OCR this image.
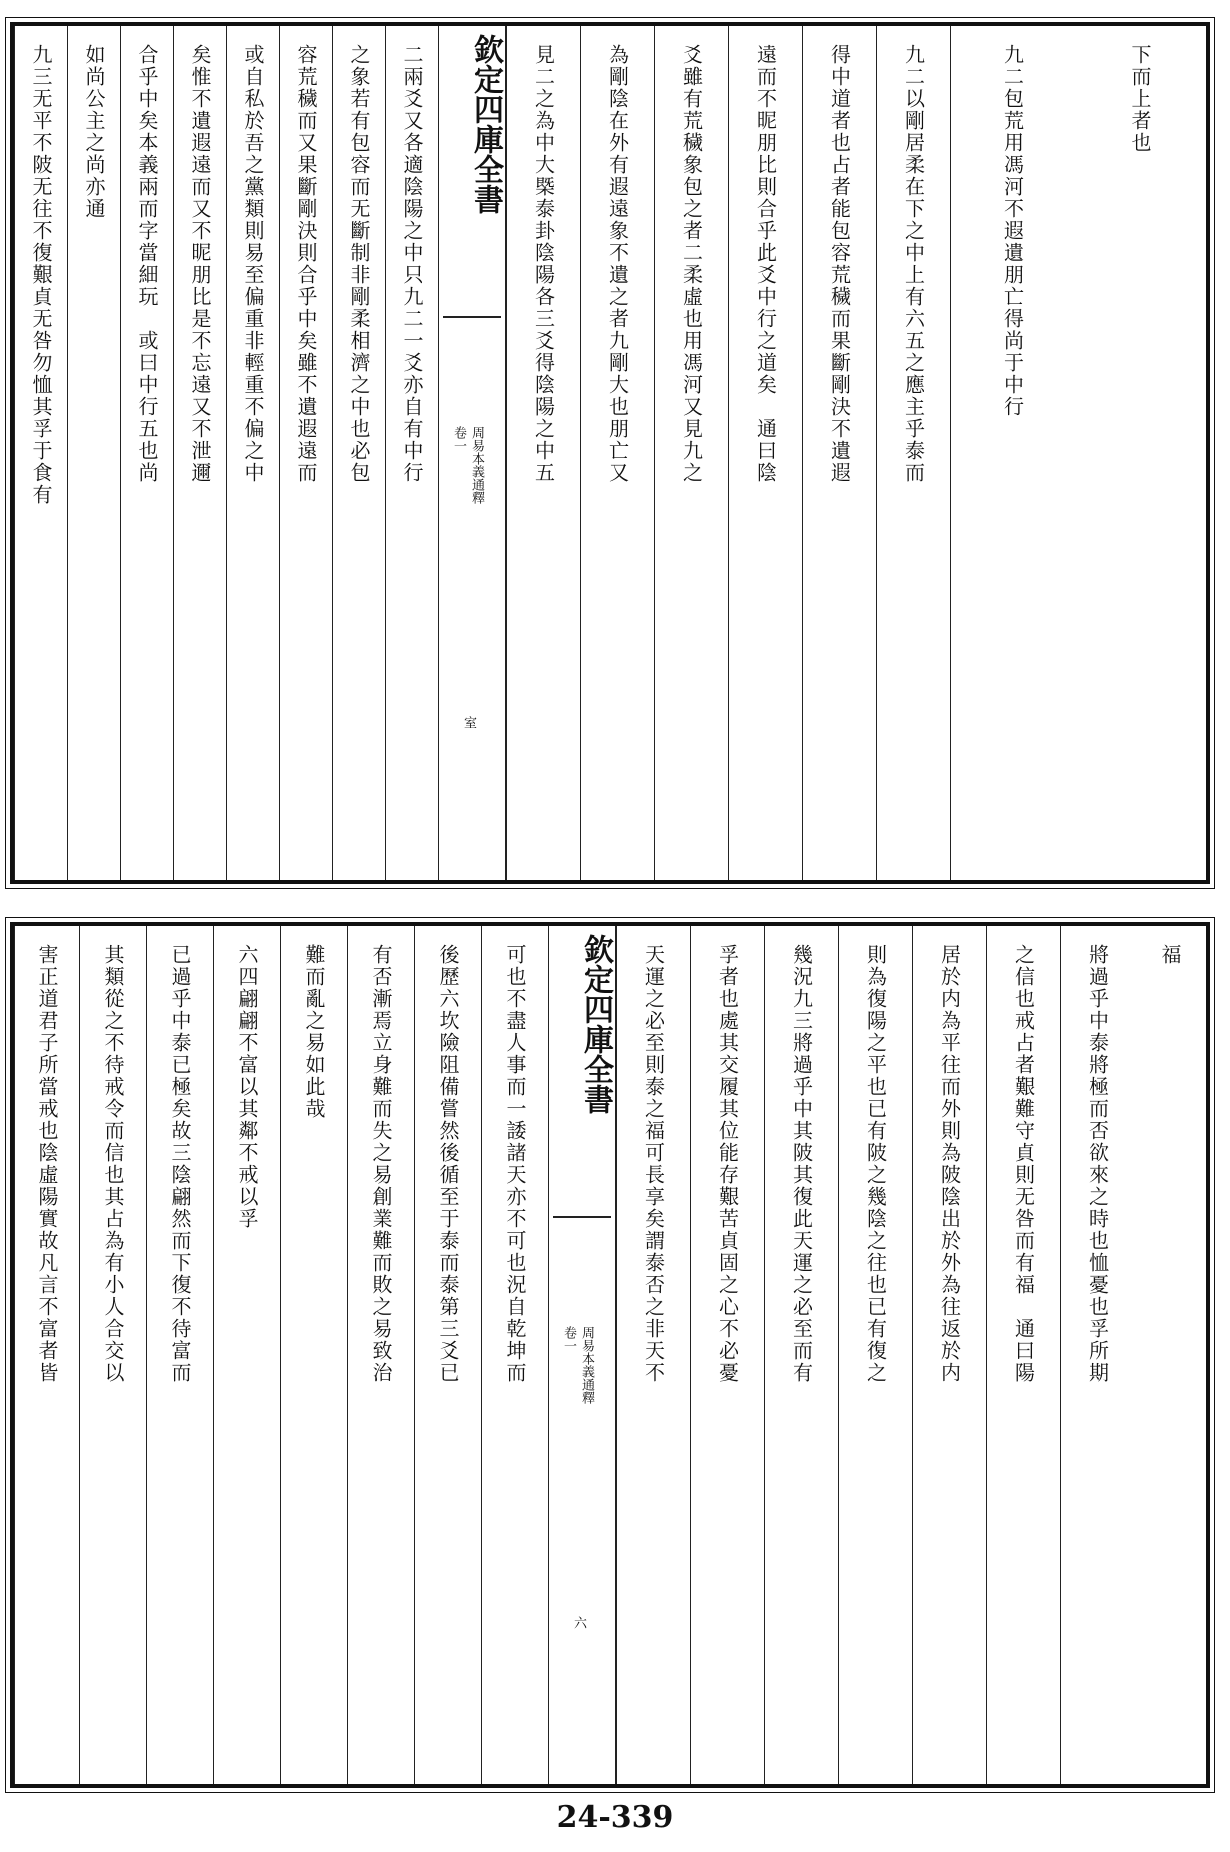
下而上者也
九二包荒用馮河不遐遺朋亡得尚于中行
九二以剛居柔在下之中上有六五之應主乎泰而
得中道者也占者能包容荒穢而果斷剛決不遺遐
遠而不昵朋比則合乎此爻中行之道矣　通曰陰
爻雖有荒穢象包之者二柔虛也用馮河又見九之
為剛陰在外有遐遠象不遺之者九剛大也朋亡又
見二之為中大槩泰卦陰陽各三爻得陰陽之中五
欽定四庫全書
卷一 周易本義通釋
室
二兩爻又各適陰陽之中只九二一爻亦自有中行
之象若有包容而无斷制非剛柔相濟之中也必包
容荒穢而又果斷剛決則合乎中矣雖不遺遐遠而
或自私於吾之黨類則易至偏重非輕重不偏之中
矣惟不遺遐遠而又不昵朋比是不忘遠又不泄邇
合乎中矣本義兩而字當細玩　或曰中行五也尚
如尚公主之尚亦通
九三无平不陂无往不復艱貞无咎勿恤其孚于食有
福
將過乎中泰將極而否欲來之時也恤憂也孚所期
之信也戒占者艱難守貞則无咎而有福　通曰陽
居於内為平往而外則為陂陰出於外為往返於内
則為復陽之平也已有陂之幾陰之往也已有復之
幾況九三將過乎中其陂其復此天運之必至而有
孚者也處其交履其位能存艱苦貞固之心不必憂
天運之必至則泰之福可長享矣謂泰否之非天不
欽定四庫全書
卷一 周易本義通釋
六
可也不盡人事而一諉諸天亦不可也況自乾坤而
後歷六坎險阻備嘗然後循至于泰而泰第三爻已
有否漸焉立身難而失之易創業難而敗之易致治
難而亂之易如此哉
六四翩翩不富以其鄰不戒以孚
已過乎中泰已極矣故三陰翩然而下復不待富而
其類從之不待戒令而信也其占為有小人合交以
害正道君子所當戒也陰虛陽實故凡言不富者皆
24-339
